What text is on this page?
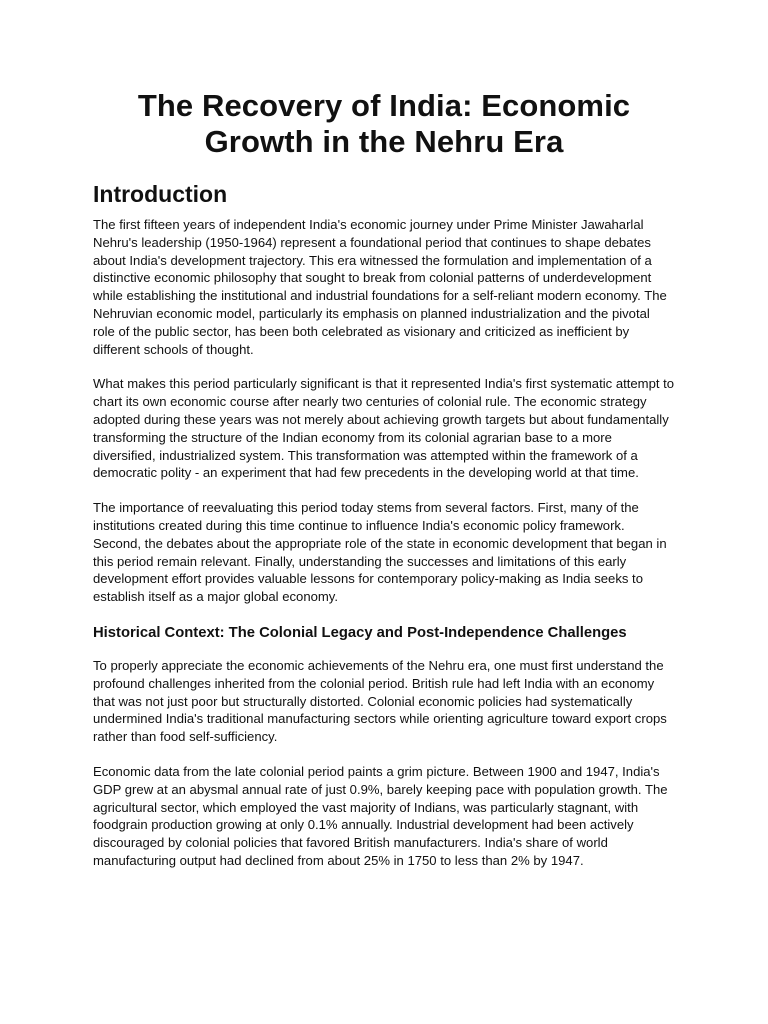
The Recovery of India: Economic Growth in the Nehru Era
Introduction

The first fifteen years of independent India's economic journey under Prime Minister Jawaharlal Nehru's leadership (1950-1964) represent a foundational period that continues to shape debates about India's development trajectory. This era witnessed the formulation and implementation of a distinctive economic philosophy that sought to break from colonial patterns of underdevelopment while establishing the institutional and industrial foundations for a self-reliant modern economy. The Nehruvian economic model, particularly its emphasis on planned industrialization and the pivotal role of the public sector, has been both celebrated as visionary and criticized as inefficient by different schools of thought.

What makes this period particularly significant is that it represented India's first systematic attempt to chart its own economic course after nearly two centuries of colonial rule. The economic strategy adopted during these years was not merely about achieving growth targets but about fundamentally transforming the structure of the Indian economy from its colonial agrarian base to a more diversified, industrialized system. This transformation was attempted within the framework of a democratic polity - an experiment that had few precedents in the developing world at that time.

The importance of reevaluating this period today stems from several factors. First, many of the institutions created during this time continue to influence India's economic policy framework. Second, the debates about the appropriate role of the state in economic development that began in this period remain relevant. Finally, understanding the successes and limitations of this early development effort provides valuable lessons for contemporary policy-making as India seeks to establish itself as a major global economy.

Historical Context: The Colonial Legacy and Post-Independence Challenges

To properly appreciate the economic achievements of the Nehru era, one must first understand the profound challenges inherited from the colonial period. British rule had left India with an economy that was not just poor but structurally distorted. Colonial economic policies had systematically undermined India's traditional manufacturing sectors while orienting agriculture toward export crops rather than food self-sufficiency.

Economic data from the late colonial period paints a grim picture. Between 1900 and 1947, India's GDP grew at an abysmal annual rate of just 0.9%, barely keeping pace with population growth. The agricultural sector, which employed the vast majority of Indians, was particularly stagnant, with foodgrain production growing at only 0.1% annually. Industrial development had been actively discouraged by colonial policies that favored British manufacturers. India's share of world manufacturing output had declined from about 25% in 1750 to less than 2% by 1947.
